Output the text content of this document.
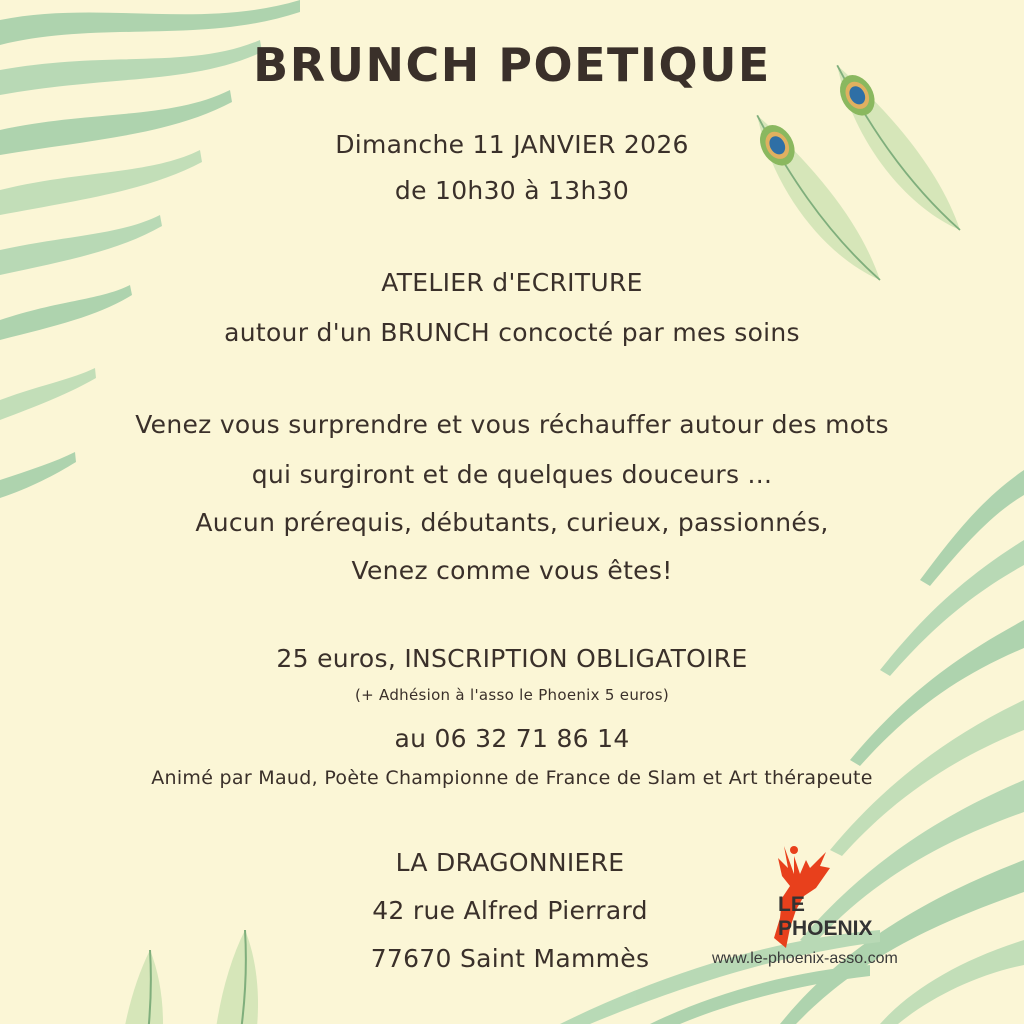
BRUNCH POETIQUE
Dimanche 11 JANVIER 2026
de 10h30 à 13h30
ATELIER d'ECRITURE
autour d'un BRUNCH concocté par mes soins
Venez vous surprendre et vous réchauffer autour des mots
qui surgiront et de quelques douceurs ...
Aucun prérequis, débutants, curieux, passionnés,
Venez comme vous êtes!
25 euros, INSCRIPTION OBLIGATOIRE
(+ Adhésion à l'asso le Phoenix 5 euros)
au 06 32 71 86 14
Animé par Maud, Poète Championne de France de Slam et Art thérapeute
LA DRAGONNIERE
42 rue Alfred Pierrard
77670 Saint Mammès
LE
PHOENIX
www.le-phoenix-asso.com
